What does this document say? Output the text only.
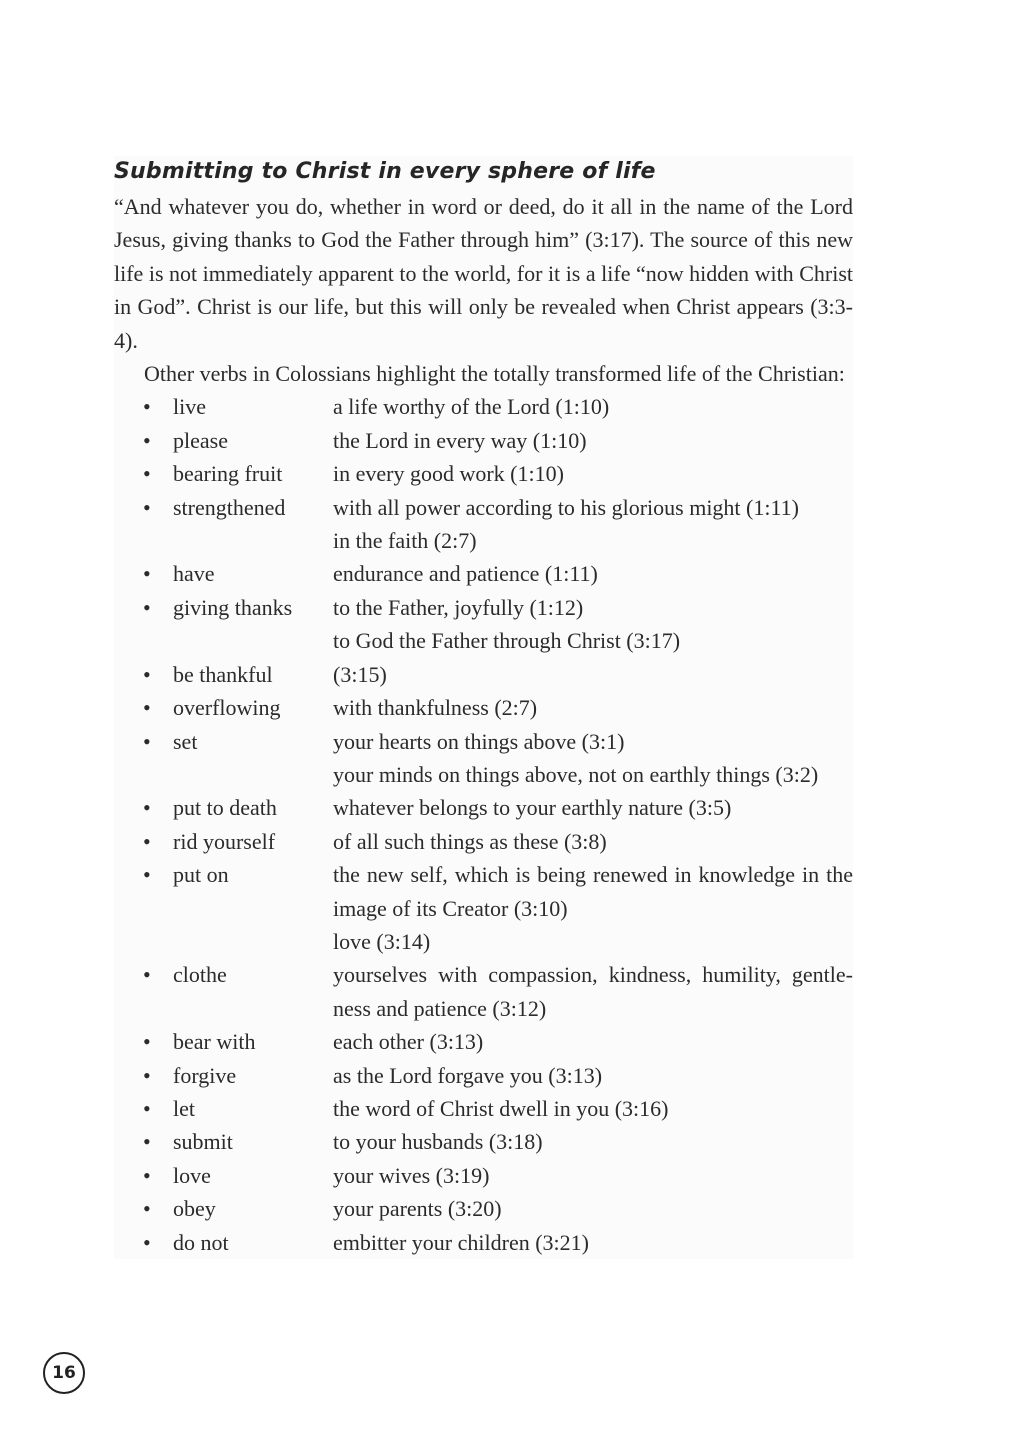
Submitting to Christ in every sphere of life

“And whatever you do, whether in word or deed, do it all in the name of the Lord Jesus, giving thanks to God the Father through him” (3:17). The source of this new life is not immediately apparent to the world, for it is a life “now hidden with Christ in God”. Christ is our life, but this will only be revealed when Christ appears (3:3-4).

Other verbs in Colossians highlight the totally transformed life of the Christian:

•	live	a life worthy of the Lord (1:10)
•	please	the Lord in every way (1:10)
•	bearing fruit	in every good work (1:10)
•	strengthened	with all power according to his glorious might (1:11)
in the faith (2:7)
•	have	endurance and patience (1:11)
•	giving thanks	to the Father, joyfully (1:12)
to God the Father through Christ (3:17)
•	be thankful	(3:15)
•	overflowing	with thankfulness (2:7)
•	set	your hearts on things above (3:1)
your minds on things above, not on earthly things (3:2)
•	put to death	whatever belongs to your earthly nature (3:5)
•	rid yourself	of all such things as these (3:8)
•	put on	the new self, which is being renewed in knowledge in the image of its Creator (3:10)
love (3:14)
•	clothe	yourselves with compassion, kindness, humility, gentle-ness and patience (3:12)
•	bear with	each other (3:13)
•	forgive	as the Lord forgave you (3:13)
•	let	the word of Christ dwell in you (3:16)
•	submit	to your husbands (3:18)
•	love	your wives (3:19)
•	obey	your parents (3:20)
•	do not	embitter your children (3:21)
16
